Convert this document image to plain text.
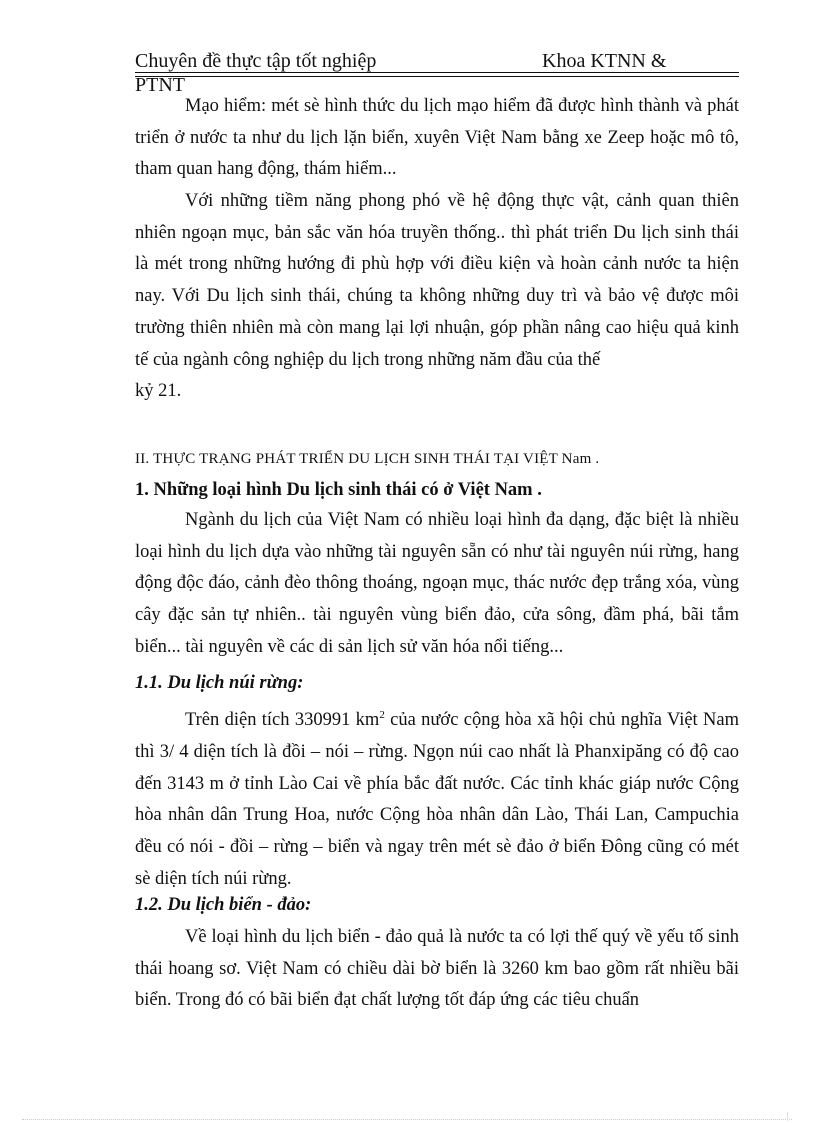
Chuyên đề thực tập tốt nghiệp	Khoa KTNN &
PTNT

Mạo hiểm: mét sè hình thức du lịch mạo hiểm đã được hình thành và phát triển ở nước ta như du lịch lặn biển, xuyên Việt Nam bằng xe Zeep hoặc mô tô, tham quan hang động, thám hiểm...

Với những tiềm năng phong phó về hệ động thực vật, cảnh quan thiên nhiên ngoạn mục, bản sắc văn hóa truyền thống.. thì phát triển Du lịch sinh thái là mét trong những hướng đi phù hợp với điều kiện và hoàn cảnh nước ta hiện nay. Với Du lịch sinh thái, chúng ta không những duy trì và bảo vệ được môi trường thiên nhiên mà còn mang lại lợi nhuận, góp phần nâng cao hiệu quả kinh tế của ngành công nghiệp du lịch trong những năm đầu của thế

kỷ 21.

II. THỰC TRẠNG PHÁT TRIỂN DU LỊCH SINH THÁI TẠI VIỆT Nam .
1. Những loại hình Du lịch sinh thái có ở Việt Nam .

Ngành du lịch của Việt Nam có nhiều loại hình đa dạng, đặc biệt là nhiều loại hình du lịch dựa vào những tài nguyên sẵn có như tài nguyên núi rừng, hang động độc đáo, cảnh đèo thông thoáng, ngoạn mục, thác nước đẹp trắng xóa, vùng cây đặc sản tự nhiên.. tài nguyên vùng biển đảo, cửa sông, đầm phá, bãi tắm biển... tài nguyên về các di sản lịch sử văn hóa nổi tiếng...

1.1. Du lịch núi rừng:

Trên diện tích 330991 $km^2$ của nước cộng hòa xã hội chủ nghĩa Việt Nam thì 3/ 4 diện tích là đồi – nói – rừng. Ngọn núi cao nhất là Phanxipăng có độ cao đến 3143 m ở tỉnh Lào Cai về phía bắc đất nước. Các tỉnh khác giáp nước Cộng hòa nhân dân Trung Hoa, nước Cộng hòa nhân dân Lào, Thái Lan, Campuchia đều có nói - đồi – rừng – biển và ngay trên mét sè đảo ở biển Đông cũng có mét sè diện tích núi rừng.

1.2. Du lịch biển - đảo:

Về loại hình du lịch biển - đảo quả là nước ta có lợi thế quý về yếu tố sinh thái hoang sơ. Việt Nam có chiều dài bờ biển là 3260 km bao gồm rất nhiều bãi biển. Trong đó có bãi biển đạt chất lượng tốt đáp ứng các tiêu chuẩn
